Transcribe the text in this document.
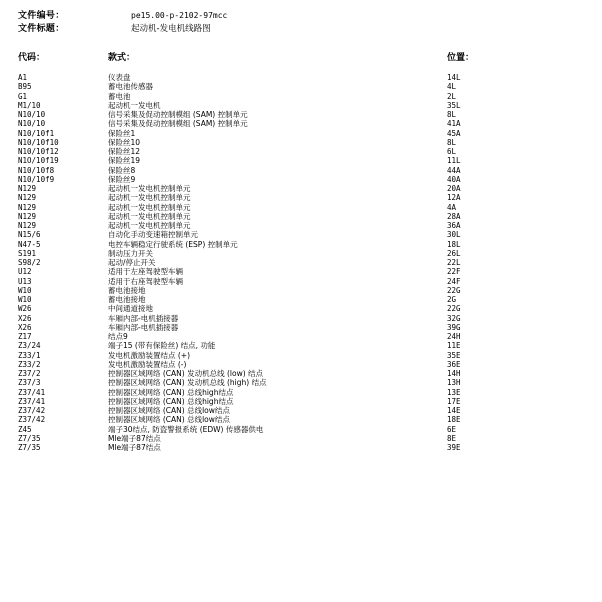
文件编号：	pe15.00-p-2102-97mcc
文件标题：	起动机-发电机线路图
代码：	款式：	位置：
A1	仪表盘	14L
B95	蓄电池传感器	4L
G1	蓄电池	2L
M1/10	起动机一发电机	35L
N10/10	信号采集及促动控制模组 (SAM) 控制单元	8L
N10/10	信号采集及促动控制模组 (SAM) 控制单元	41A
N10/10f1	保险丝1	45A
N10/10f10	保险丝10	8L
N10/10f12	保险丝12	6L
N1O/10f19	保险丝19	11L
N10/10f8	保险丝8	44A
N10/10f9	保险丝9	40A
N129	起动机一发电机控制单元	20A
N129	起动机一发电机控制单元	12A
N129	起动机一发电机控制单元	4A
N129	起动机一发电机控制单元	28A
N129	起动机一发电机控制单元	36A
N15/6	自动化手动变速箱控制单元	30L
N47-5	电控车辆稳定行驶系统 (ESP) 控制单元	18L
S191	制动压力开关	26L
S98/2	起动/停止开关	22L
U12	适用于左座驾驶型车辆	22F
U13	适用于右座驾驶型车辆	24F
W10	蓄电池接地	22G
W10	蓄电池接地	2G
W26	中间通道接地	22G
X26	车厢内部-电机插接器	32G
X26	车厢内部-电机插接器	39G
Z17	结点9	24H
Z3/24	端子15 (带有保险丝) 结点, 功能	11E
Z33/1	发电机激励装置结点 (+)	35E
Z33/2	发电机激励装置结点 (-)	36E
Z37/2	控制器区域网络 (CAN) 发动机总线 (low) 结点	14H
Z37/3	控制器区域网络 (CAN) 发动机总线 (high) 结点	13H
Z37/41	控制器区域网络 (CAN) 总线high结点	13E
Z37/41	控制器区域网络 (CAN) 总线high结点	17E
Z37/42	控制器区域网络 (CAN) 总线low结点	14E
Z37/42	控制器区域网络 (CAN) 总线low结点	18E
Z45	端子30结点, 防盗警报系统 (EDW) 传感器供电	6E
Z7/35	Mle端子87结点	8E
Z7/35	Mle端子87结点	39E
